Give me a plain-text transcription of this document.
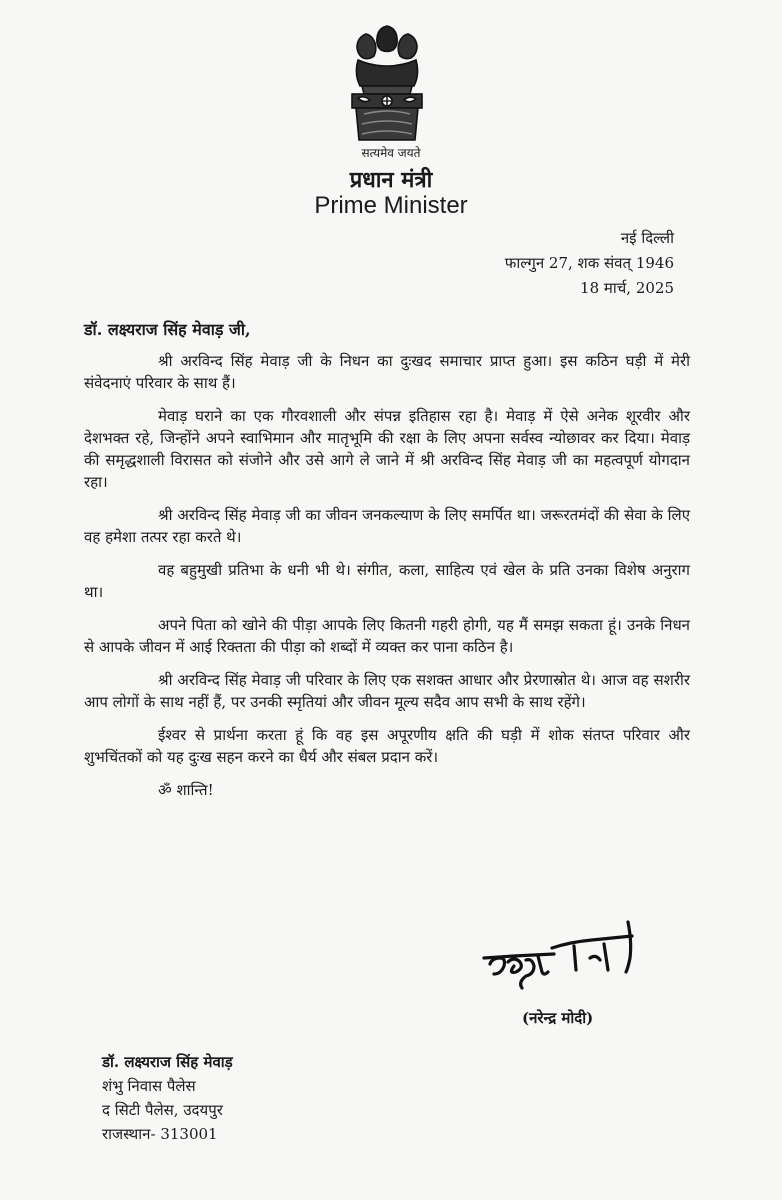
सत्यमेव जयते
प्रधान मंत्री
Prime Minister
नई दिल्ली
फाल्गुन 27, शक संवत् 1946
18 मार्च, 2025
डॉ. लक्ष्यराज सिंह मेवाड़ जी,

श्री अरविन्द सिंह मेवाड़ जी के निधन का दुःखद समाचार प्राप्त हुआ। इस कठिन घड़ी में मेरी संवेदनाएं परिवार के साथ हैं।

मेवाड़ घराने का एक गौरवशाली और संपन्न इतिहास रहा है। मेवाड़ में ऐसे अनेक शूरवीर और देशभक्त रहे, जिन्होंने अपने स्वाभिमान और मातृभूमि की रक्षा के लिए अपना सर्वस्व न्योछावर कर दिया। मेवाड़ की समृद्धशाली विरासत को संजोने और उसे आगे ले जाने में श्री अरविन्द सिंह मेवाड़ जी का महत्वपूर्ण योगदान रहा।

श्री अरविन्द सिंह मेवाड़ जी का जीवन जनकल्याण के लिए समर्पित था। जरूरतमंदों की सेवा के लिए वह हमेशा तत्पर रहा करते थे।

वह बहुमुखी प्रतिभा के धनी भी थे। संगीत, कला, साहित्य एवं खेल के प्रति उनका विशेष अनुराग था।

अपने पिता को खोने की पीड़ा आपके लिए कितनी गहरी होगी, यह मैं समझ सकता हूं। उनके निधन से आपके जीवन में आई रिक्तता की पीड़ा को शब्दों में व्यक्त कर पाना कठिन है।

श्री अरविन्द सिंह मेवाड़ जी परिवार के लिए एक सशक्त आधार और प्रेरणास्रोत थे। आज वह सशरीर आप लोगों के साथ नहीं हैं, पर उनकी स्मृतियां और जीवन मूल्य सदैव आप सभी के साथ रहेंगे।

ईश्वर से प्रार्थना करता हूं कि वह इस अपूरणीय क्षति की घड़ी में शोक संतप्त परिवार और शुभचिंतकों को यह दुःख सहन करने का धैर्य और संबल प्रदान करें।

ॐ शान्ति!

(नरेन्द्र मोदी)
डॉ. लक्ष्यराज सिंह मेवाड़
शंभु निवास पैलेस
द सिटी पैलेस, उदयपुर
राजस्थान- 313001
